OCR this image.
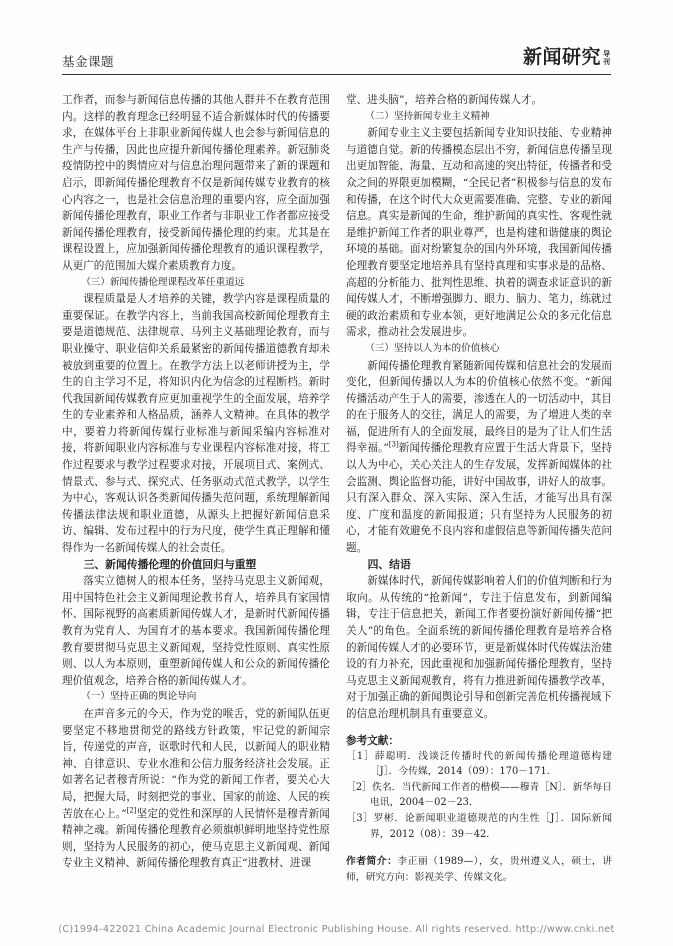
基金课题	新闻研究 导刊

工作者，而参与新闻信息传播的其他人群并不在教育范围内。这样的教育理念已经明显不适合新媒体时代的传播要求，在媒体平台上非职业新闻传媒人也会参与新闻信息的生产与传播，因此也应提升新闻传播伦理素养。新冠肺炎疫情防控中的舆情应对与信息治理问题带来了新的课题和启示，即新闻传播伦理教育不仅是新闻传媒专业教育的核心内容之一，也是社会信息治理的重要内容，应全面加强新闻传播伦理教育，职业工作者与非职业工作者都应接受新闻传播伦理教育，接受新闻传播伦理的约束。尤其是在课程设置上，应加强新闻传播伦理教育的通识课程教学，从更广的范围加大媒介素质教育力度。

（三）新闻传播伦理课程改革任重道远

课程质量是人才培养的关键，教学内容是课程质量的重要保证。在教学内容上，当前我国高校新闻伦理教育主要是道德规范、法律规章、马列主义基础理论教育，而与职业操守、职业信仰关系最紧密的新闻传播道德教育却未被放到重要的位置上。在教学方法上以老师讲授为主，学生的自主学习不足，将知识内化为信念的过程断档。新时代我国新闻传媒教育应更加重视学生的全面发展，培养学生的专业素养和人格品质，涵养人文精神。在具体的教学中，要着力将新闻传媒行业标准与新闻采编内容标准对接，将新闻职业内容标准与专业课程内容标准对接，将工作过程要求与教学过程要求对接，开展项目式、案例式、情景式、参与式、探究式、任务驱动式范式教学，以学生为中心，客观认识各类新闻传播失范问题，系统理解新闻传播法律法规和职业道德，从源头上把握好新闻信息采访、编辑、发布过程中的行为尺度，使学生真正理解和懂得作为一名新闻传媒人的社会责任。

三、新闻传播伦理的价值回归与重塑

落实立德树人的根本任务，坚持马克思主义新闻观，用中国特色社会主义新闻理论教书育人，培养具有家国情怀、国际视野的高素质新闻传媒人才，是新时代新闻传播教育为党育人、为国育才的基本要求。我国新闻传播伦理教育要贯彻马克思主义新闻观，坚持党性原则、真实性原则、以人为本原则，重塑新闻传媒人和公众的新闻传播伦理价值观念，培养合格的新闻传媒人才。

（一）坚持正确的舆论导向

在声音多元的今天，作为党的喉舌，党的新闻队伍更要坚定不移地贯彻党的路线方针政策，牢记党的新闻宗旨，传递党的声音，讴歌时代和人民，以新闻人的职业精神、自律意识、专业水准和公信力服务经济社会发展。正如著名记者穆青所说：“作为党的新闻工作者，要关心大局，把握大局，时刻把党的事业、国家的前途、人民的疾苦放在心上。”[2]坚定的党性和深厚的人民情怀是穆青新闻精神之魂。新闻传播伦理教育必须旗帜鲜明地坚持党性原则，坚持为人民服务的初心，使马克思主义新闻观、新闻专业主义精神、新闻传播伦理教育真正“进教材、进课

堂、进头脑”，培养合格的新闻传媒人才。

（二）坚持新闻专业主义精神

新闻专业主义主要包括新闻专业知识技能、专业精神与道德自觉。新的传播模态层出不穷，新闻信息传播呈现出更加智能、海量、互动和高速的突出特征，传播者和受众之间的界限更加模糊，“全民记者”积极参与信息的发布和传播，在这个时代大众更需要准确、完整、专业的新闻信息。真实是新闻的生命，维护新闻的真实性、客观性就是维护新闻工作者的职业尊严，也是构建和谐健康的舆论环境的基础。面对纷繁复杂的国内外环境，我国新闻传播伦理教育要坚定地培养具有坚持真理和实事求是的品格、高超的分析能力、批判性思维、执着的调查求证意识的新闻传媒人才，不断增强脚力、眼力、脑力、笔力，练就过硬的政治素质和专业本领，更好地满足公众的多元化信息需求，推动社会发展进步。

（三）坚持以人为本的价值核心

新闻传播伦理教育紧随新闻传媒和信息社会的发展而变化，但新闻传播以人为本的价值核心依然不变。“新闻传播活动产生于人的需要，渗透在人的一切活动中，其目的在于服务人的交往，满足人的需要，为了增进人类的幸福，促进所有人的全面发展，最终目的是为了让人们生活得幸福。”[3]新闻传播伦理教育应置于生活大背景下，坚持以人为中心，关心关注人的生存发展，发挥新闻媒体的社会监测、舆论监督功能，讲好中国故事，讲好人的故事。只有深入群众、深入实际、深入生活，才能写出具有深度、广度和温度的新闻报道；只有坚持为人民服务的初心，才能有效避免不良内容和虚假信息等新闻传播失范问题。

四、结语

新媒体时代，新闻传媒影响着人们的价值判断和行为取向。从传统的“抢新闻”，专注于信息发布，到新闻编辑，专注于信息把关，新闻工作者要扮演好新闻传播“把关人”的角色。全面系统的新闻传播伦理教育是培养合格的新闻传媒人才的必要环节，更是新媒体时代传媒法治建设的有力补充，因此重视和加强新闻传播伦理教育，坚持马克思主义新闻观教育，将有力推进新闻传播教学改革，对于加强正确的新闻舆论引导和创新完善危机传播视域下的信息治理机制具有重要意义。

参考文献：
［1］薛聪明．浅谈泛传播时代的新闻传播伦理道德构建［J］．今传媒，2014（09）：170－171．
［2］佚名．当代新闻工作者的楷模——穆青［N］．新华每日电讯，2004－02－23．
［3］罗彬．论新闻职业道德规范的内生性［J］．国际新闻界，2012（08）：39－42．

作者简介：李正丽（1989—），女，贵州遵义人，硕士，讲师，研究方向：影视美学、传媒文化。

(C)1994-422021 China Academic Journal Electronic Publishing House. All rights reserved. http://www.cnki.net
